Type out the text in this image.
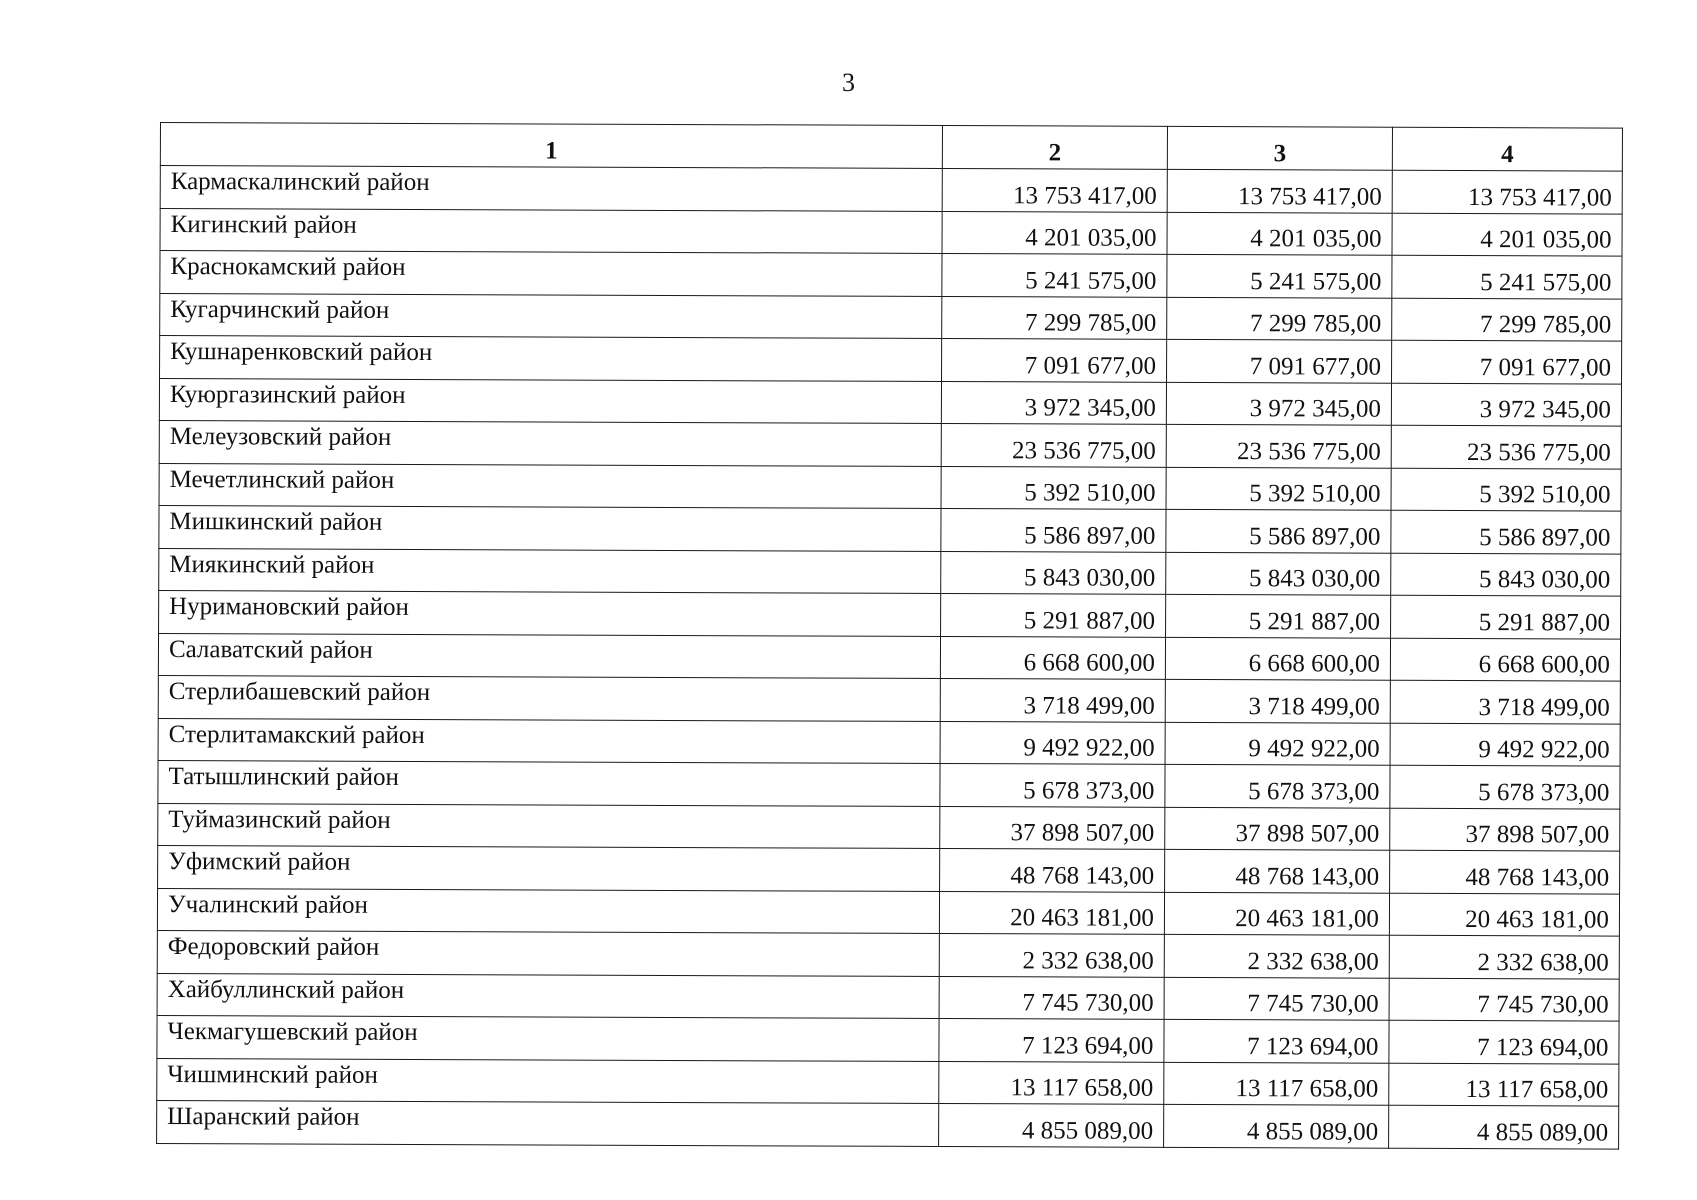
3
1	2	3	4
Кармаскалинский район	13 753 417,00	13 753 417,00	13 753 417,00
Кигинский район	4 201 035,00	4 201 035,00	4 201 035,00
Краснокамский район	5 241 575,00	5 241 575,00	5 241 575,00
Кугарчинский район	7 299 785,00	7 299 785,00	7 299 785,00
Кушнаренковский район	7 091 677,00	7 091 677,00	7 091 677,00
Куюргазинский район	3 972 345,00	3 972 345,00	3 972 345,00
Мелеузовский район	23 536 775,00	23 536 775,00	23 536 775,00
Мечетлинский район	5 392 510,00	5 392 510,00	5 392 510,00
Мишкинский район	5 586 897,00	5 586 897,00	5 586 897,00
Миякинский район	5 843 030,00	5 843 030,00	5 843 030,00
Нуримановский район	5 291 887,00	5 291 887,00	5 291 887,00
Салаватский район	6 668 600,00	6 668 600,00	6 668 600,00
Стерлибашевский район	3 718 499,00	3 718 499,00	3 718 499,00
Стерлитамакский район	9 492 922,00	9 492 922,00	9 492 922,00
Татышлинский район	5 678 373,00	5 678 373,00	5 678 373,00
Туймазинский район	37 898 507,00	37 898 507,00	37 898 507,00
Уфимский район	48 768 143,00	48 768 143,00	48 768 143,00
Учалинский район	20 463 181,00	20 463 181,00	20 463 181,00
Федоровский район	2 332 638,00	2 332 638,00	2 332 638,00
Хайбуллинский район	7 745 730,00	7 745 730,00	7 745 730,00
Чекмагушевский район	7 123 694,00	7 123 694,00	7 123 694,00
Чишминский район	13 117 658,00	13 117 658,00	13 117 658,00
Шаранский район	4 855 089,00	4 855 089,00	4 855 089,00
